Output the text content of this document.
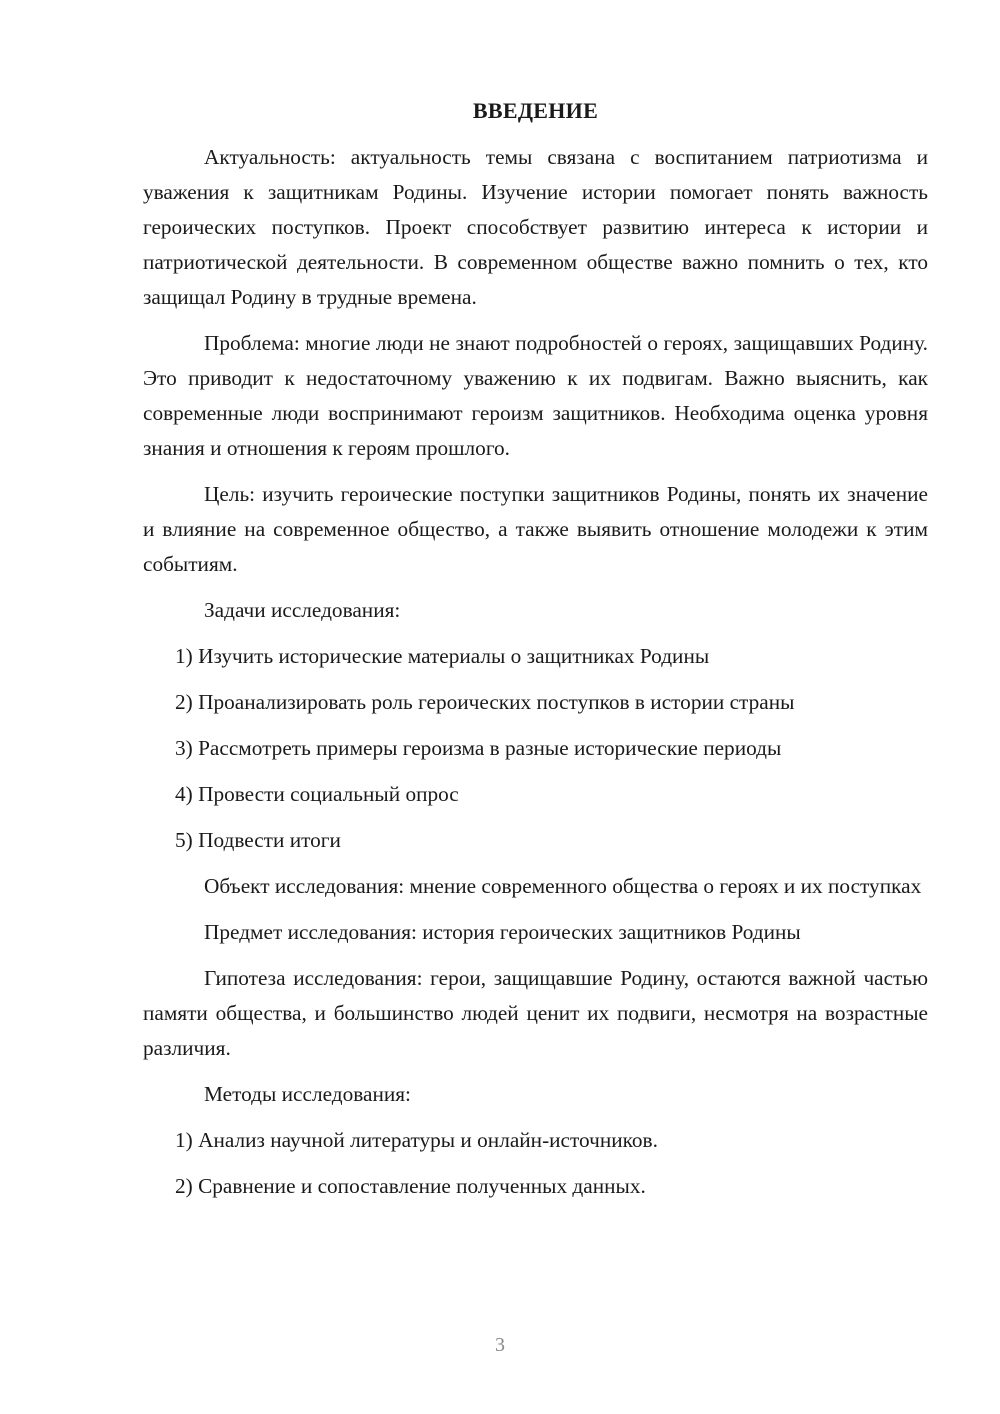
ВВЕДЕНИЕ

Актуальность: актуальность темы связана с воспитанием патриотизма и уважения к защитникам Родины. Изучение истории помогает понять важность героических поступков. Проект способствует развитию интереса к истории и патриотической деятельности. В современном обществе важно помнить о тех, кто защищал Родину в трудные времена.

Проблема: многие люди не знают подробностей о героях, защищавших Родину. Это приводит к недостаточному уважению к их подвигам. Важно выяснить, как современные люди воспринимают героизм защитников. Необходима оценка уровня знания и отношения к героям прошлого.

Цель: изучить героические поступки защитников Родины, понять их значение и влияние на современное общество, а также выявить отношение молодежи к этим событиям.

Задачи исследования:
1) Изучить исторические материалы о защитниках Родины
2) Проанализировать роль героических поступков в истории страны
3) Рассмотреть примеры героизма в разные исторические периоды
4) Провести социальный опрос
5) Подвести итоги

Объект исследования: мнение современного общества о героях и их поступках

Предмет исследования: история героических защитников Родины

Гипотеза исследования: герои, защищавшие Родину, остаются важной частью памяти общества, и большинство людей ценит их подвиги, несмотря на возрастные различия.

Методы исследования:
1) Анализ научной литературы и онлайн-источников.
2) Сравнение и сопоставление полученных данных.
3
